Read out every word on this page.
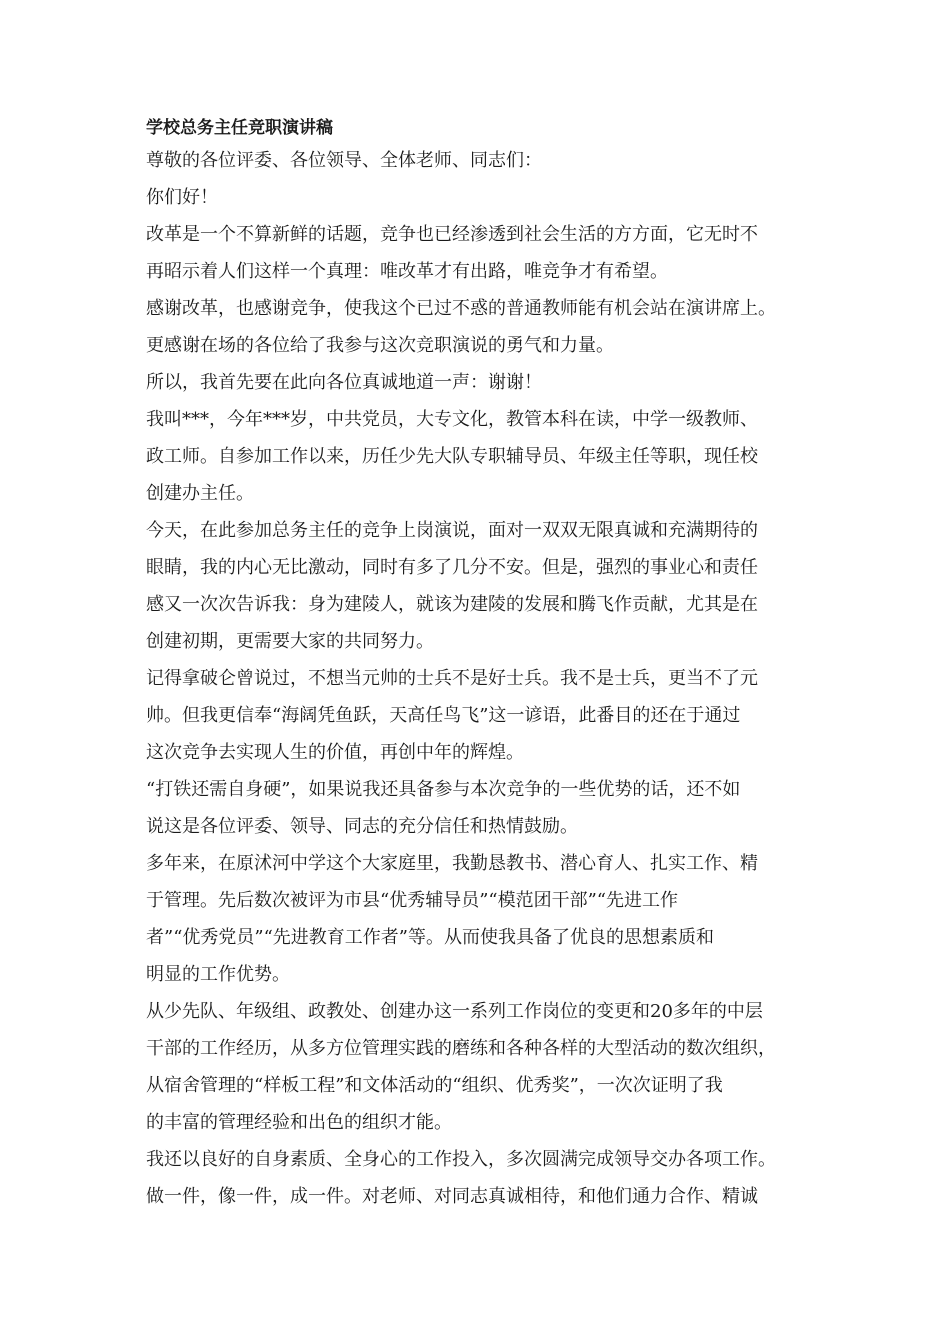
学校总务主任竞职演讲稿

尊敬的各位评委、各位领导、全体老师、同志们：

你们好！

改革是一个不算新鲜的话题，竞争也已经渗透到社会生活的方方面，它无时不
再昭示着人们这样一个真理：唯改革才有出路，唯竞争才有希望。

感谢改革，也感谢竞争，使我这个已过不惑的普通教师能有机会站在演讲席上。
更感谢在场的各位给了我参与这次竞职演说的勇气和力量。

所以，我首先要在此向各位真诚地道一声：谢谢！

我叫***，今年***岁，中共党员，大专文化，教管本科在读，中学一级教师、
政工师。自参加工作以来，历任少先大队专职辅导员、年级主任等职，现任校
创建办主任。

今天，在此参加总务主任的竞争上岗演说，面对一双双无限真诚和充满期待的
眼睛，我的内心无比激动，同时有多了几分不安。但是，强烈的事业心和责任
感又一次次告诉我：身为建陵人，就该为建陵的发展和腾飞作贡献，尤其是在
创建初期，更需要大家的共同努力。

记得拿破仑曾说过，不想当元帅的士兵不是好士兵。我不是士兵，更当不了元
帅。但我更信奉“海阔凭鱼跃，天高任鸟飞”这一谚语，此番目的还在于通过
这次竞争去实现人生的价值，再创中年的辉煌。

“打铁还需自身硬”，如果说我还具备参与本次竞争的一些优势的话，还不如
说这是各位评委、领导、同志的充分信任和热情鼓励。

多年来，在原沭河中学这个大家庭里，我勤恳教书、潜心育人、扎实工作、精
于管理。先后数次被评为市县“优秀辅导员”“模范团干部”“先进工作
者”“优秀党员”“先进教育工作者”等。从而使我具备了优良的思想素质和
明显的工作优势。

从少先队、年级组、政教处、创建办这一系列工作岗位的变更和20多年的中层
干部的工作经历，从多方位管理实践的磨练和各种各样的大型活动的数次组织，
从宿舍管理的“样板工程”和文体活动的“组织、优秀奖”，一次次证明了我
的丰富的管理经验和出色的组织才能。

我还以良好的自身素质、全身心的工作投入，多次圆满完成领导交办各项工作。
做一件，像一件，成一件。对老师、对同志真诚相待，和他们通力合作、精诚
